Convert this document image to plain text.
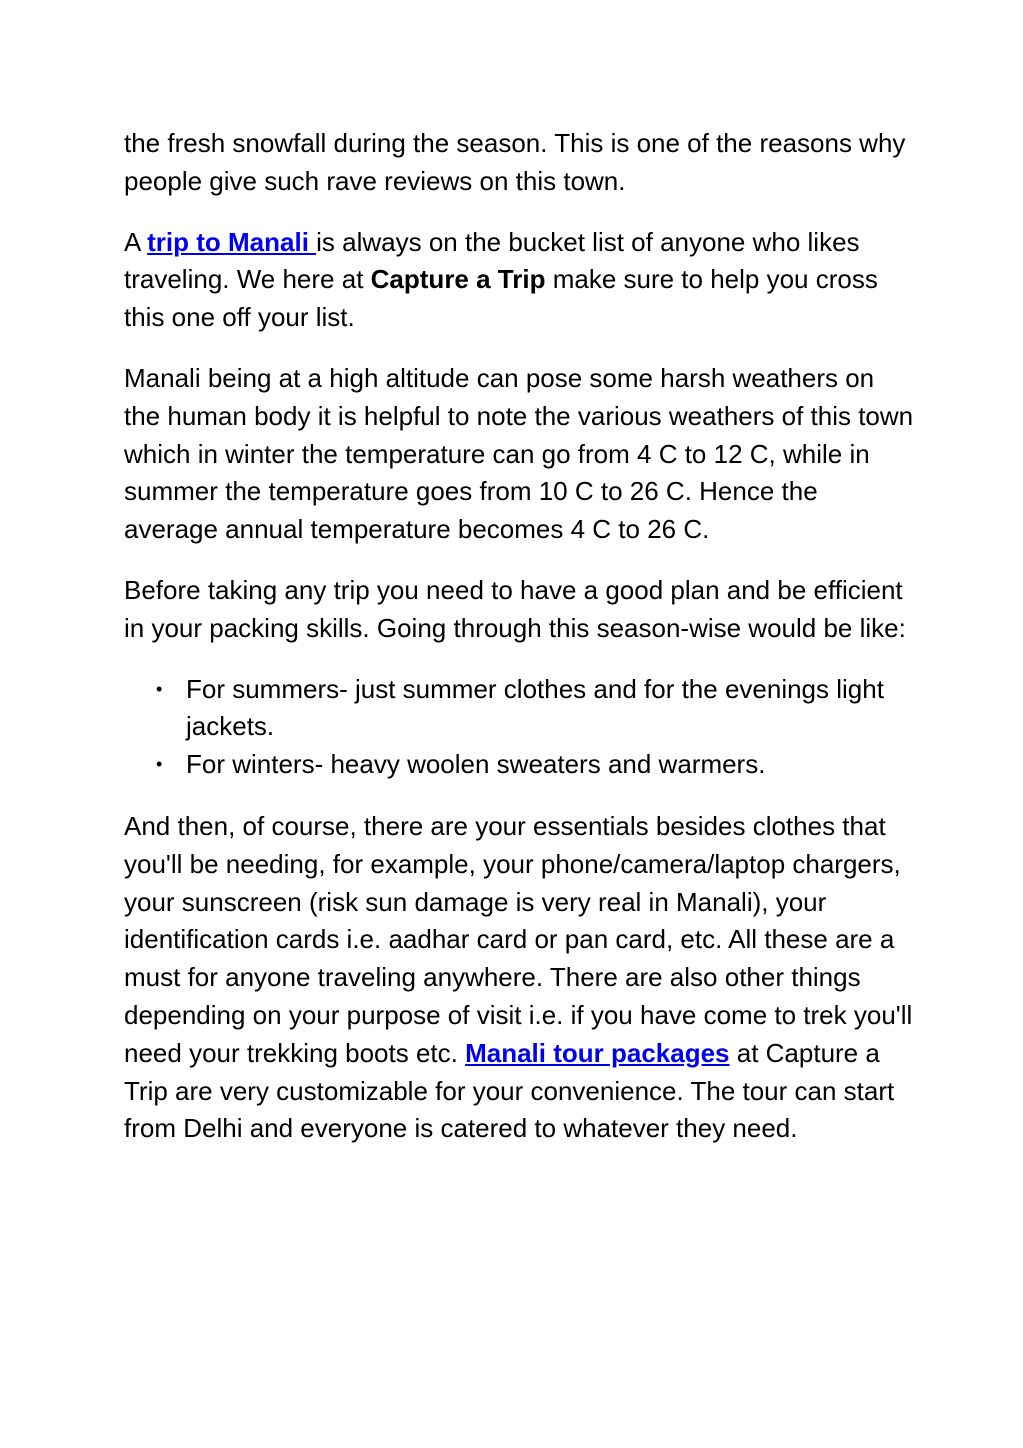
the fresh snowfall during the season. This is one of the reasons why people give such rave reviews on this town.

A trip to Manali is always on the bucket list of anyone who likes traveling. We here at Capture a Trip make sure to help you cross this one off your list.

Manali being at a high altitude can pose some harsh weathers on the human body it is helpful to note the various weathers of this town which in winter the temperature can go from 4 C to 12 C, while in summer the temperature goes from 10 C to 26 C. Hence the average annual temperature becomes 4 C to 26 C.

Before taking any trip you need to have a good plan and be efficient in your packing skills. Going through this season-wise would be like:

• For summers- just summer clothes and for the evenings light jackets.
• For winters- heavy woolen sweaters and warmers.

And then, of course, there are your essentials besides clothes that you'll be needing, for example, your phone/camera/laptop chargers, your sunscreen (risk sun damage is very real in Manali), your identification cards i.e. aadhar card or pan card, etc. All these are a must for anyone traveling anywhere. There are also other things depending on your purpose of visit i.e. if you have come to trek you'll need your trekking boots etc. Manali tour packages at Capture a Trip are very customizable for your convenience. The tour can start from Delhi and everyone is catered to whatever they need.
